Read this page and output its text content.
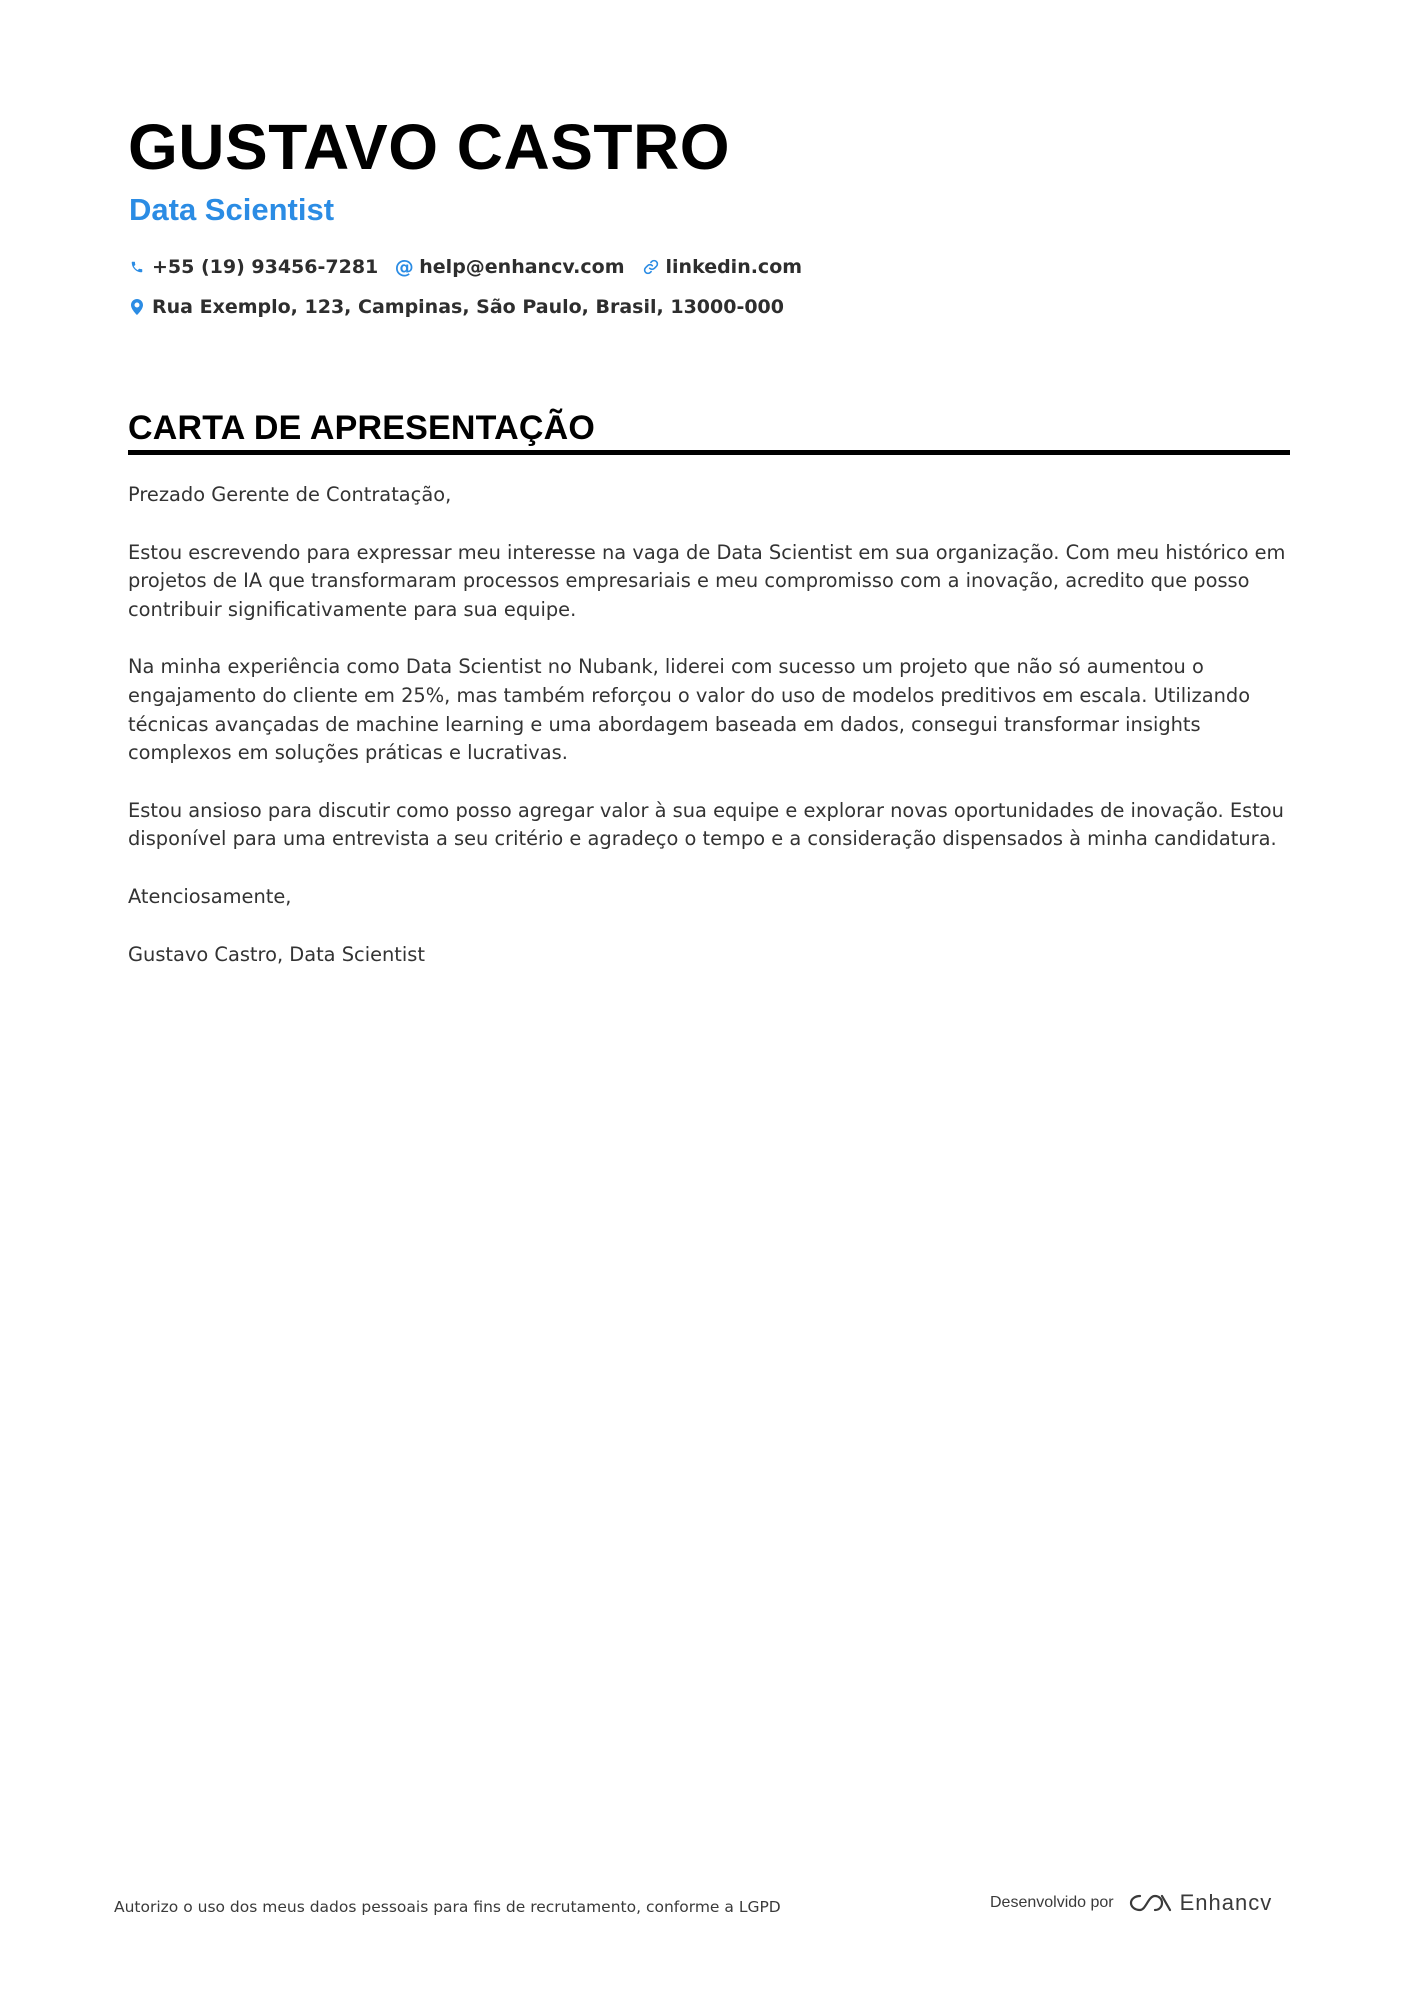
GUSTAVO CASTRO
Data Scientist
+55 (19) 93456-7281 @ help@enhancv.com linkedin.com
Rua Exemplo, 123, Campinas, São Paulo, Brasil, 13000-000
CARTA DE APRESENTAÇÃO

Prezado Gerente de Contratação,

Estou escrevendo para expressar meu interesse na vaga de Data Scientist em sua organização. Com meu histórico em projetos de IA que transformaram processos empresariais e meu compromisso com a inovação, acredito que posso contribuir significativamente para sua equipe.

Na minha experiência como Data Scientist no Nubank, liderei com sucesso um projeto que não só aumentou o engajamento do cliente em 25%, mas também reforçou o valor do uso de modelos preditivos em escala. Utilizando técnicas avançadas de machine learning e uma abordagem baseada em dados, consegui transformar insights complexos em soluções práticas e lucrativas.

Estou ansioso para discutir como posso agregar valor à sua equipe e explorar novas oportunidades de inovação. Estou disponível para uma entrevista a seu critério e agradeço o tempo e a consideração dispensados à minha candidatura.

Atenciosamente,

Gustavo Castro, Data Scientist

Autorizo o uso dos meus dados pessoais para fins de recrutamento, conforme a LGPD	Desenvolvido por	Enhancv
